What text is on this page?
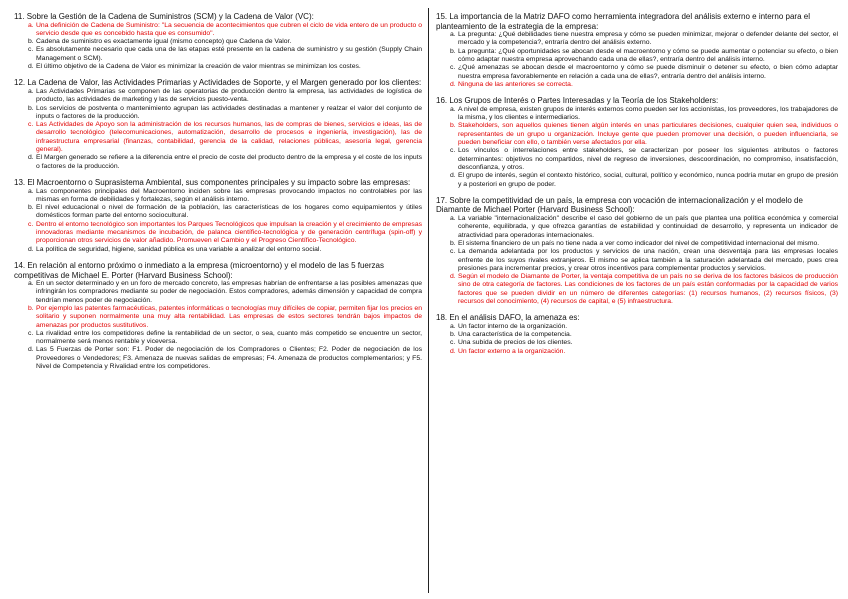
11. Sobre la Gestión de la Cadena de Suministros (SCM) y la Cadena de Valor (VC):

a. Una definición de Cadena de Suministro: "La secuencia de acontecimientos que cubren el ciclo de vida entero de un producto o servicio desde que es concebido hasta que es consumido".
b. Cadena de suministro es exactamente igual (mismo concepto) que Cadena de Valor.
c. Es absolutamente necesario que cada una de las etapas esté presente en la cadena de suministro y su gestión (Supply Chain Management o SCM).
d. El último objetivo de la Cadena de Valor es minimizar la creación de valor mientras se minimizan los costes.

12. La Cadena de Valor, las Actividades Primarias y Actividades de Soporte, y el Margen generado por los clientes:

a. Las Actividades Primarias se componen de las operatorias de producción dentro la empresa, las actividades de logística de producto, las actividades de marketing y las de servicios puesto-venta.
b. Los servicios de postventa o mantenimiento agrupan las actividades destinadas a mantener y realzar el valor del conjunto de inputs o factores de la producción.
c. Las Actividades de Apoyo son la administración de los recursos humanos, las de compras de bienes, servicios e ideas, las de desarrollo tecnológico (telecomunicaciones, automatización, desarrollo de procesos e ingeniería, investigación), las de infraestructura empresarial (finanzas, contabilidad, gerencia de la calidad, relaciones públicas, asesoría legal, gerencia general).
d. El Margen generado se refiere a la diferencia entre el precio de coste del producto dentro de la empresa y el coste de los inputs o factores de la producción.

13. El Macroentorno o Suprasistema Ambiental, sus componentes principales y su impacto sobre las empresas:

a. Las componentes principales del Macroentorno inciden sobre las empresas provocando impactos no controlables por las mismas en forma de debilidades y fortalezas, según el análisis interno.
b. El nivel educacional o nivel de formación de la población, las características de los hogares como equipamientos y útiles domésticos forman parte del entorno sociocultural.
c. Dentro el entorno tecnológico son importantes los Parques Tecnológicos que impulsan la creación y el crecimiento de empresas innovadoras mediante mecanismos de incubación, de palanca científico-tecnológica y de generación centrífuga (spin-off) y proporcionan otros servicios de valor añadido. Promueven el Cambio y el Progreso Científico-Tecnológico.
d. La política de seguridad, higiene, sanidad pública es una variable a analizar del entorno social.

14. En relación al entorno próximo o inmediato a la empresa (microentorno) y el modelo de las 5 fuerzas competitivas de Michael E. Porter (Harvard Business School):

a. En un sector determinado y en un foro de mercado concreto, las empresas habrían de enfrentarse a las posibles amenazas que infringirán los compradores mediante su poder de negociación. Estos compradores, además dimensión y capacidad de compra tendrían menos poder de negociación.
b. Por ejemplo las patentes farmacéuticas, patentes informáticas o tecnologías muy difíciles de copiar, permiten fijar los precios en solitario y suponen normalmente una muy alta rentabilidad. Las empresas de estos sectores tendrán bajos impactos de amenazas por productos sustitutivos.
c. La rivalidad entre los competidores define la rentabilidad de un sector, o sea, cuanto más competido se encuentre un sector, normalmente será menos rentable y viceversa.
d. Las 5 Fuerzas de Porter son: F1. Poder de negociación de los Compradores o Clientes; F2. Poder de negociación de los Proveedores o Vendedores; F3. Amenaza de nuevas salidas de empresas; F4. Amenaza de productos complementarios; y F5. Nivel de Competencia y Rivalidad entre los competidores.

15. La importancia de la Matriz DAFO como herramienta integradora del análisis externo e interno para el planteamiento de la estrategia de la empresa:

a. La pregunta: ¿Qué debilidades tiene nuestra empresa y cómo se pueden minimizar, mejorar o defender delante del sector, el mercado y la competencia?, entraría dentro del análisis externo.
b. La pregunta: ¿Qué oportunidades se abocan desde el macroentorno y cómo se puede aumentar o potenciar su efecto, o bien cómo adaptar nuestra empresa aprovechando cada una de ellas?, entraría dentro del análisis interno.
c. ¿Qué amenazas se abocan desde el macroentorno y cómo se puede disminuir o detener su efecto, o bien cómo adaptar nuestra empresa favorablemente en relación a cada una de ellas?, entraría dentro del análisis interno.
d. Ninguna de las anteriores se correcta.

16. Los Grupos de Interés o Partes Interesadas y la Teoría de los Stakeholders:

a. A nivel de empresa, existen grupos de interés externos como pueden ser los accionistas, los proveedores, los trabajadores de la misma, y los clientes e intermediarios.
b. Stakeholders, son aquellos quienes tienen algún interés en unas particulares decisiones, cualquier quien sea, individuos o representantes de un grupo u organización. Incluye gente que pueden promover una decisión, o pueden influenciarla, se pueden beneficiar con ello, o también verse afectados por ella.
c. Los vínculos o interrelaciones entre stakeholders, se caracterizan por poseer los siguientes atributos o factores determinantes: objetivos no compartidos, nivel de regreso de inversiones, descoordinación, no compromiso, insatisfacción, desconfianza, y otros.
d. El grupo de interés, según el contexto histórico, social, cultural, político y económico, nunca podría mutar en grupo de presión y a posteriori en grupo de poder.

17. Sobre la competitividad de un país, la empresa con vocación de internacionalización y el modelo de Diamante de Michael Porter (Harvard Business School):

a. La variable "internacionalización" describe el caso del gobierno de un país que plantea una política económica y comercial coherente, equilibrada, y que ofrezca garantías de estabilidad y continuidad de desarrollo, y representa un indicador de atractividad para operadoras internacionales.
b. El sistema financiero de un país no tiene nada a ver como indicador del nivel de competitividad internacional del mismo.
c. La demanda adelantada por los productos y servicios de una nación, crean una desventaja para las empresas locales enfrente de los suyos rivales extranjeros. El mismo se aplica también a la saturación adelantada del mercado, pues crea presiones para incrementar precios, y crear otros incentivos para complementar productos y servicios.
d. Según el modelo de Diamante de Porter, la ventaja competitiva de un país no se deriva de los factores básicos de producción sino de otra categoría de factores. Las condiciones de los factores de un país están conformadas por la capacidad de varios factores que se pueden dividir en un número de diferentes categorías: (1) recursos humanos, (2) recursos físicos, (3) recursos del conocimiento, (4) recursos de capital, e (5) infraestructura.

18. En el análisis DAFO, la amenaza es:

a. Un factor interno de la organización.
b. Una característica de la competencia.
c. Una subida de precios de los clientes.
d. Un factor externo a la organización.
